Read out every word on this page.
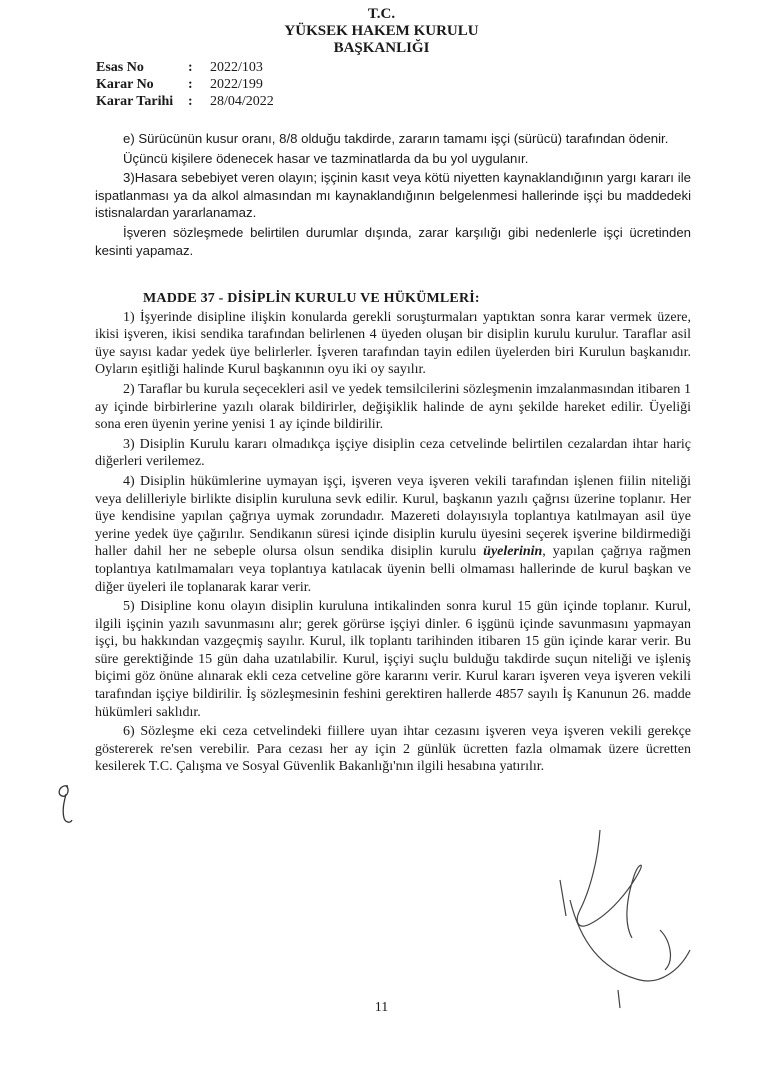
T.C.
YÜKSEK HAKEM KURULU
BAŞKANLIĞI
Esas No	: 2022/103
Karar No : 2022/199
Karar Tarihi : 28/04/2022

e) Sürücünün kusur oranı, 8/8 olduğu takdirde, zararın tamamı işçi (sürücü) tarafından ödenir.

Üçüncü kişilere ödenecek hasar ve tazminatlarda da bu yol uygulanır.

3)Hasara sebebiyet veren olayın; işçinin kasıt veya kötü niyetten kaynaklandığının yargı kararı ile ispatlanması ya da alkol almasından mı kaynaklandığının belgelenmesi hallerinde işçi bu maddedeki istisnalardan yararlanamaz.

İşveren sözleşmede belirtilen durumlar dışında, zarar karşılığı gibi nedenlerle işçi ücretinden kesinti yapamaz.

MADDE 37 - DİSİPLİN KURULU VE HÜKÜMLERİ:

1) İşyerinde disipline ilişkin konularda gerekli soruşturmaları yaptıktan sonra karar vermek üzere, ikisi işveren, ikisi sendika tarafından belirlenen 4 üyeden oluşan bir disiplin kurulu kurulur. Taraflar asil üye sayısı kadar yedek üye belirlerler. İşveren tarafından tayin edilen üyelerden biri Kurulun başkanıdır. Oyların eşitliği halinde Kurul başkanının oyu iki oy sayılır.

2) Taraflar bu kurula seçecekleri asil ve yedek temsilcilerini sözleşmenin imzalanmasından itibaren 1 ay içinde birbirlerine yazılı olarak bildirirler, değişiklik halinde de aynı şekilde hareket edilir. Üyeliği sona eren üyenin yerine yenisi 1 ay içinde bildirilir.

3) Disiplin Kurulu kararı olmadıkça işçiye disiplin ceza cetvelinde belirtilen cezalardan ihtar hariç diğerleri verilemez.

4) Disiplin hükümlerine uymayan işçi, işveren veya işveren vekili tarafından işlenen fiilin niteliği veya delilleriyle birlikte disiplin kuruluna sevk edilir. Kurul, başkanın yazılı çağrısı üzerine toplanır. Her üye kendisine yapılan çağrıya uymak zorundadır. Mazereti dolayısıyla toplantıya katılmayan asil üye yerine yedek üye çağırılır. Sendikanın süresi içinde disiplin kurulu üyesini seçerek işverine bildirmediği haller dahil her ne sebeple olursa olsun sendika disiplin kurulu üyelerinin, yapılan çağrıya rağmen toplantıya katılmamaları veya toplantıya katılacak üyenin belli olmaması hallerinde de kurul başkan ve diğer üyeleri ile toplanarak karar verir.

5) Disipline konu olayın disiplin kuruluna intikalinden sonra kurul 15 gün içinde toplanır. Kurul, ilgili işçinin yazılı savunmasını alır; gerek görürse işçiyi dinler. 6 işgünü içinde savunmasını yapmayan işçi, bu hakkından vazgeçmiş sayılır. Kurul, ilk toplantı tarihinden itibaren 15 gün içinde karar verir. Bu süre gerektiğinde 15 gün daha uzatılabilir. Kurul, işçiyi suçlu bulduğu takdirde suçun niteliği ve işleniş biçimi göz önüne alınarak ekli ceza cetveline göre kararını verir. Kurul kararı işveren veya işveren vekili tarafından işçiye bildirilir. İş sözleşmesinin feshini gerektiren hallerde 4857 sayılı İş Kanunun 26. madde hükümleri saklıdır.

6) Sözleşme eki ceza cetvelindeki fiillere uyan ihtar cezasını işveren veya işveren vekili gerekçe göstererek re'sen verebilir. Para cezası her ay için 2 günlük ücretten fazla olmamak üzere ücretten kesilerek T.C. Çalışma ve Sosyal Güvenlik Bakanlığı'nın ilgili hesabına yatırılır.

11
